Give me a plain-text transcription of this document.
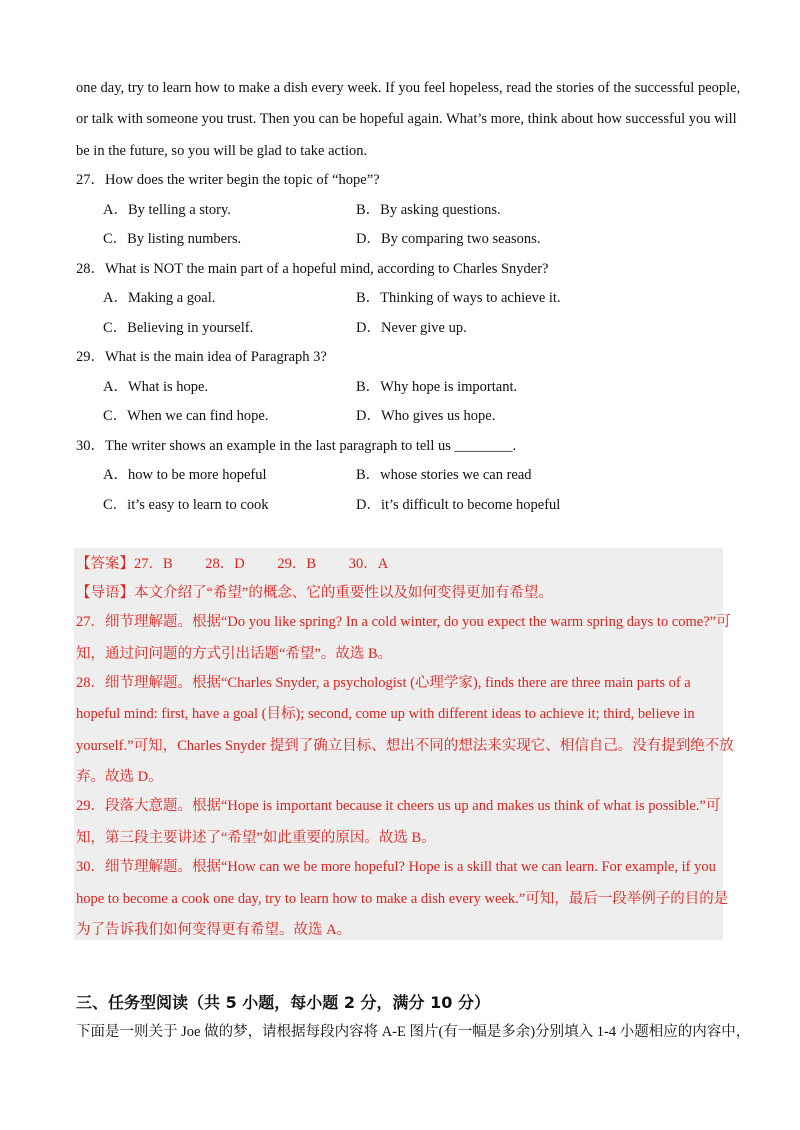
one day, try to learn how to make a dish every week. If you feel hopeless, read the stories of the successful people,
or talk with someone you trust. Then you can be hopeful again. What’s more, think about how successful you will
be in the future, so you will be glad to take action.
27．How does the writer begin the topic of “hope”?
A．By telling a story.	B．By asking questions.
C．By listing numbers.	D．By comparing two seasons.
28．What is NOT the main part of a hopeful mind, according to Charles Snyder?
A．Making a goal.	B．Thinking of ways to achieve it.
C．Believing in yourself.	D．Never give up.
29．What is the main idea of Paragraph 3?
A．What is hope.	B．Why hope is important.
C．When we can find hope.	D．Who gives us hope.
30．The writer shows an example in the last paragraph to tell us ________.
A．how to be more hopeful	B．whose stories we can read
C．it’s easy to learn to cook	D．it’s difficult to become hopeful
【答案】27．B　　 28．D　　 29．B　　 30．A
【导语】本文介绍了“希望”的概念、它的重要性以及如何变得更加有希望。
27．细节理解题。根据“Do you like spring? In a cold winter, do you expect the warm spring days to come?”可
知，通过问问题的方式引出话题“希望”。故选 B。
28．细节理解题。根据“Charles Snyder, a psychologist (心理学家), finds there are three main parts of a
hopeful mind: first, have a goal (目标); second, come up with different ideas to achieve it; third, believe in
yourself.”可知，Charles Snyder 提到了确立目标、想出不同的想法来实现它、相信自己。没有提到绝不放
弃。故选 D。
29．段落大意题。根据“Hope is important because it cheers us up and makes us think of what is possible.”可
知，第三段主要讲述了“希望”如此重要的原因。故选 B。
30．细节理解题。根据“How can we be more hopeful? Hope is a skill that we can learn. For example, if you
hope to become a cook one day, try to learn how to make a dish every week.”可知，最后一段举例子的目的是
为了告诉我们如何变得更有希望。故选 A。
三、任务型阅读（共 5 小题，每小题 2 分，满分 10 分）
下面是一则关于 Joe 做的梦，请根据每段内容将 A-E 图片(有一幅是多余)分别填入 1-4 小题相应的内容中，
